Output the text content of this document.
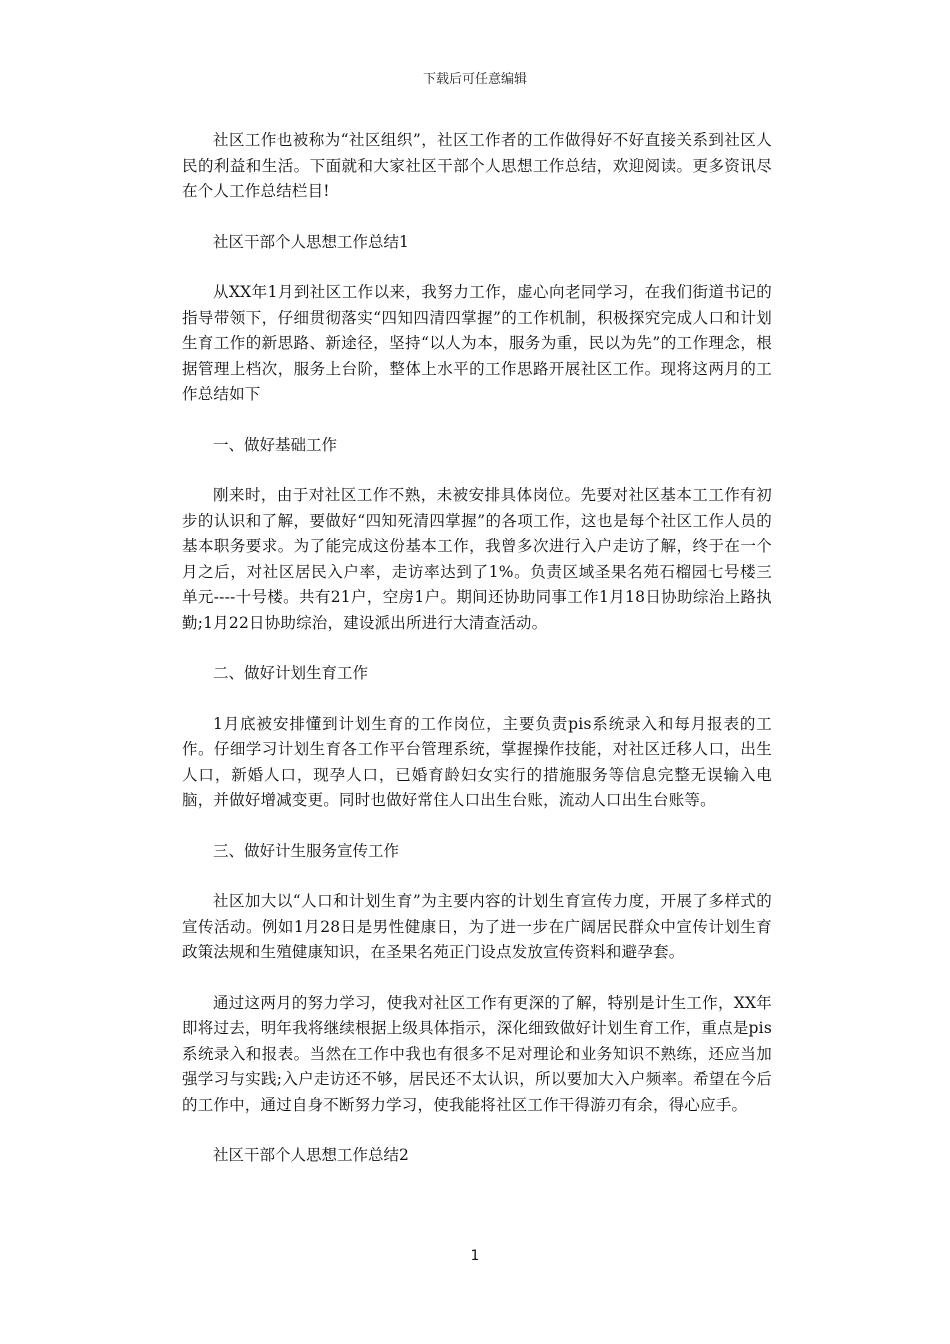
下载后可任意编辑

社区工作也被称为“社区组织”，社区工作者的工作做得好不好直接关系到社区人民的利益和生活。下面就和大家社区干部个人思想工作总结，欢迎阅读。更多资讯尽在个人工作总结栏目!

社区干部个人思想工作总结1

从XX年1月到社区工作以来，我努力工作，虚心向老同学习，在我们街道书记的指导带领下，仔细贯彻落实“四知四清四掌握”的工作机制，积极探究完成人口和计划生育工作的新思路、新途径，坚持“以人为本，服务为重，民以为先”的工作理念，根据管理上档次，服务上台阶，整体上水平的工作思路开展社区工作。现将这两月的工作总结如下

一、做好基础工作

刚来时，由于对社区工作不熟，未被安排具体岗位。先要对社区基本工工作有初步的认识和了解，要做好“四知死清四掌握”的各项工作，这也是每个社区工作人员的基本职务要求。为了能完成这份基本工作，我曾多次进行入户走访了解，终于在一个月之后，对社区居民入户率，走访率达到了1%。负责区域圣果名苑石榴园七号楼三单元----十号楼。共有21户，空房1户。期间还协助同事工作1月18日协助综治上路执勤;1月22日协助综治，建设派出所进行大清查活动。

二、做好计划生育工作

1月底被安排懂到计划生育的工作岗位，主要负责pis系统录入和每月报表的工作。仔细学习计划生育各工作平台管理系统，掌握操作技能，对社区迁移人口，出生人口，新婚人口，现孕人口，已婚育龄妇女实行的措施服务等信息完整无误输入电脑，并做好增减变更。同时也做好常住人口出生台账，流动人口出生台账等。

三、做好计生服务宣传工作

社区加大以“人口和计划生育”为主要内容的计划生育宣传力度，开展了多样式的宣传活动。例如1月28日是男性健康日，为了进一步在广阔居民群众中宣传计划生育政策法规和生殖健康知识，在圣果名苑正门设点发放宣传资料和避孕套。

通过这两月的努力学习，使我对社区工作有更深的了解，特别是计生工作，XX年即将过去，明年我将继续根据上级具体指示，深化细致做好计划生育工作，重点是pis系统录入和报表。当然在工作中我也有很多不足对理论和业务知识不熟练，还应当加强学习与实践;入户走访还不够，居民还不太认识，所以要加大入户频率。希望在今后的工作中，通过自身不断努力学习，使我能将社区工作干得游刃有余，得心应手。

社区干部个人思想工作总结2

1
